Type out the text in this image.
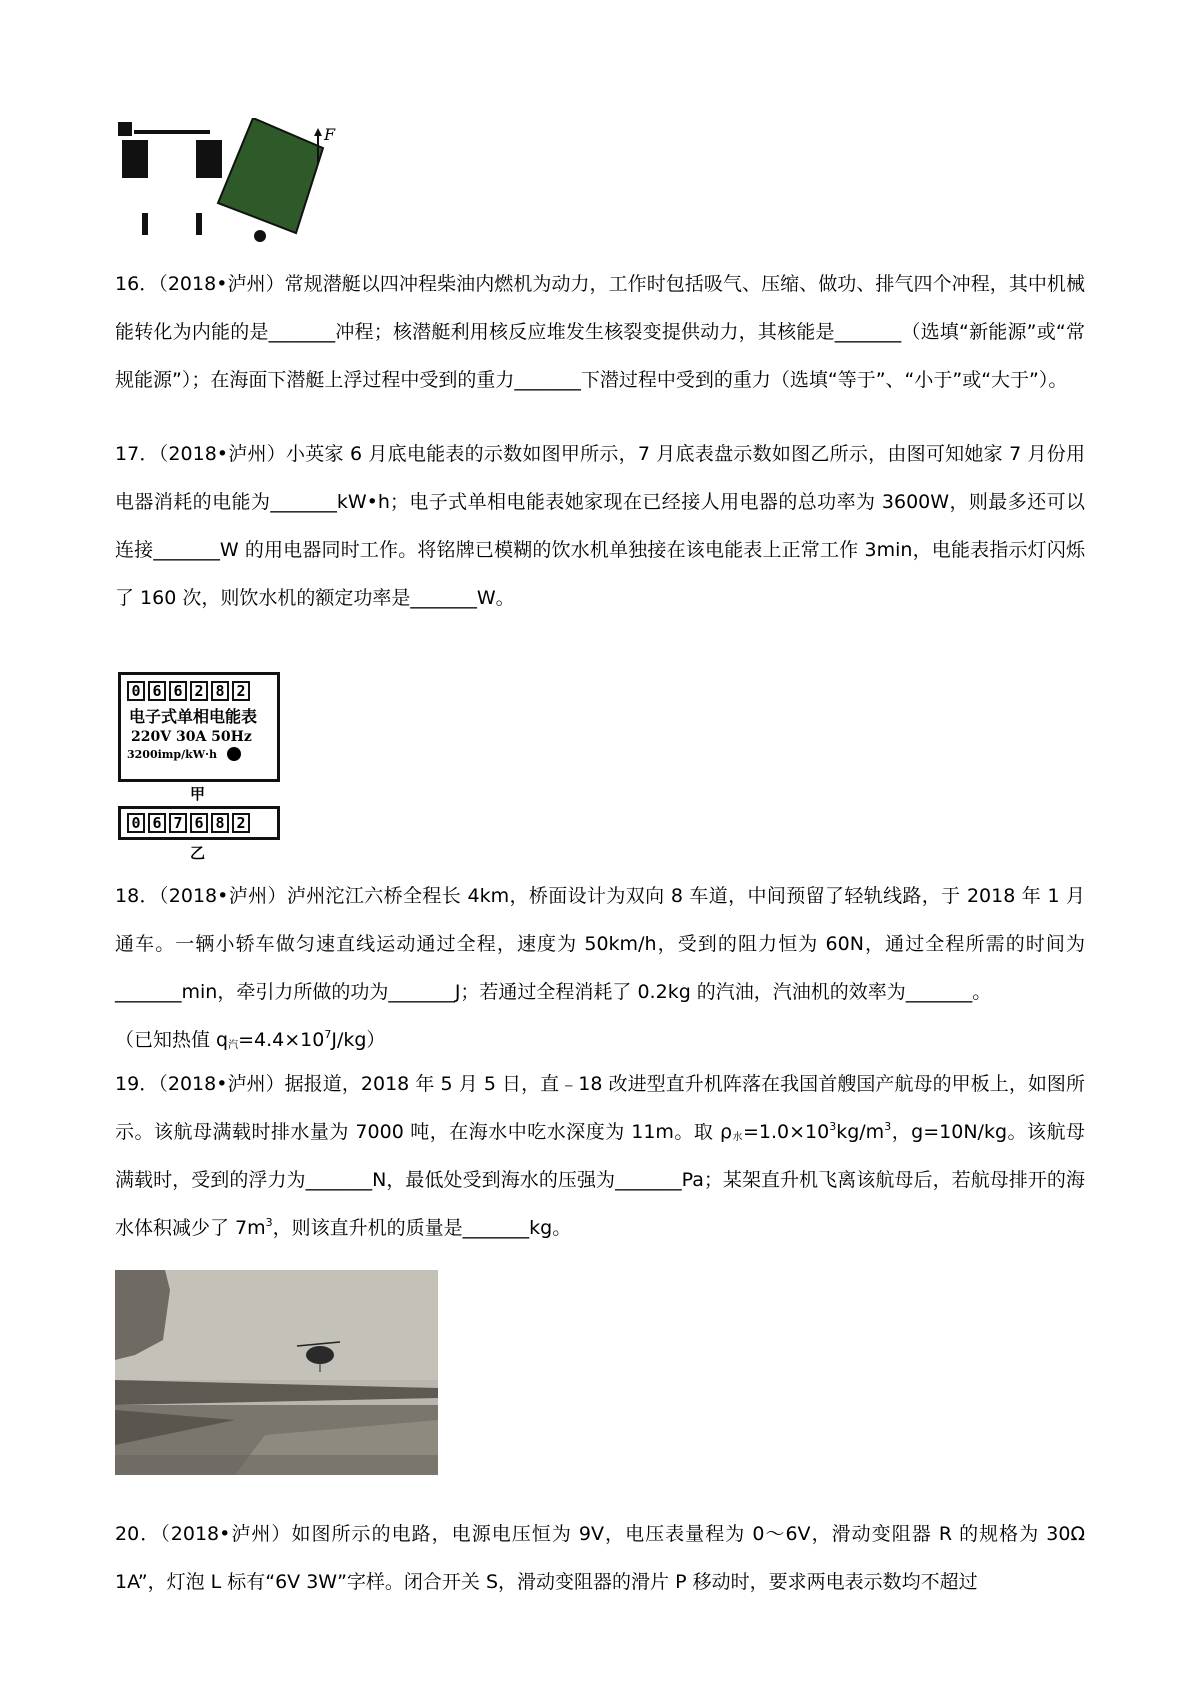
F

16．（2018•泸州）常规潜艇以四冲程柴油内燃机为动力，工作时包括吸气、压缩、做功、排气四个冲程，其中机械能转化为内能的是_______冲程；核潜艇利用核反应堆发生核裂变提供动力，其核能是_______（选填“新能源”或“常规能源”）；在海面下潜艇上浮过程中受到的重力_______下潜过程中受到的重力（选填“等于”、“小于”或“大于”）。

17．（2018•泸州）小英家 6 月底电能表的示数如图甲所示，7 月底表盘示数如图乙所示，由图可知她家 7 月份用电器消耗的电能为_______kW•h；电子式单相电能表她家现在已经接人用电器的总功率为 3600W，则最多还可以连接_______W 的用电器同时工作。将铭牌已模糊的饮水机单独接在该电能表上正常工作 3min，电能表指示灯闪烁了 160 次，则饮水机的额定功率是_______W。

0 6 6 2 8 2
电子式单相电能表
220V 30A 50Hz
3200imp/kW·h
甲
0 6 7 6 8 2
乙

18．（2018•泸州）泸州沱江六桥全程长 4km，桥面设计为双向 8 车道，中间预留了轻轨线路，于 2018 年 1 月通车。一辆小轿车做匀速直线运动通过全程，速度为 50km/h，受到的阻力恒为 60N，通过全程所需的时间为_______min，牵引力所做的功为_______J；若通过全程消耗了 0.2kg 的汽油，汽油机的效率为_______。

（已知热值 $q_汽=4.4\times 10^7J/kg$）

19．（2018•泸州）据报道，2018 年 5 月 5 日，直﹣18 改进型直升机阵落在我国首艘国产航母的甲板上，如图所示。该航母满载时排水量为 7000 吨，在海水中吃水深度为 11m。取 $\rho_水=1.0\times 10^3kg/m^3$，g=10N/kg。该航母满载时，受到的浮力为_______N，最低处受到海水的压强为_______Pa；某架直升机飞离该航母后，若航母排开的海水体积减少了 $7m^3$，则该直升机的质量是_______kg。

20．（2018•泸州）如图所示的电路，电源电压恒为 9V，电压表量程为 0～6V，滑动变阻器 R 的规格为 30Ω 1A”，灯泡 L 标有“6V 3W”字样。闭合开关 S，滑动变阻器的滑片 P 移动时，要求两电表示数均不超过
